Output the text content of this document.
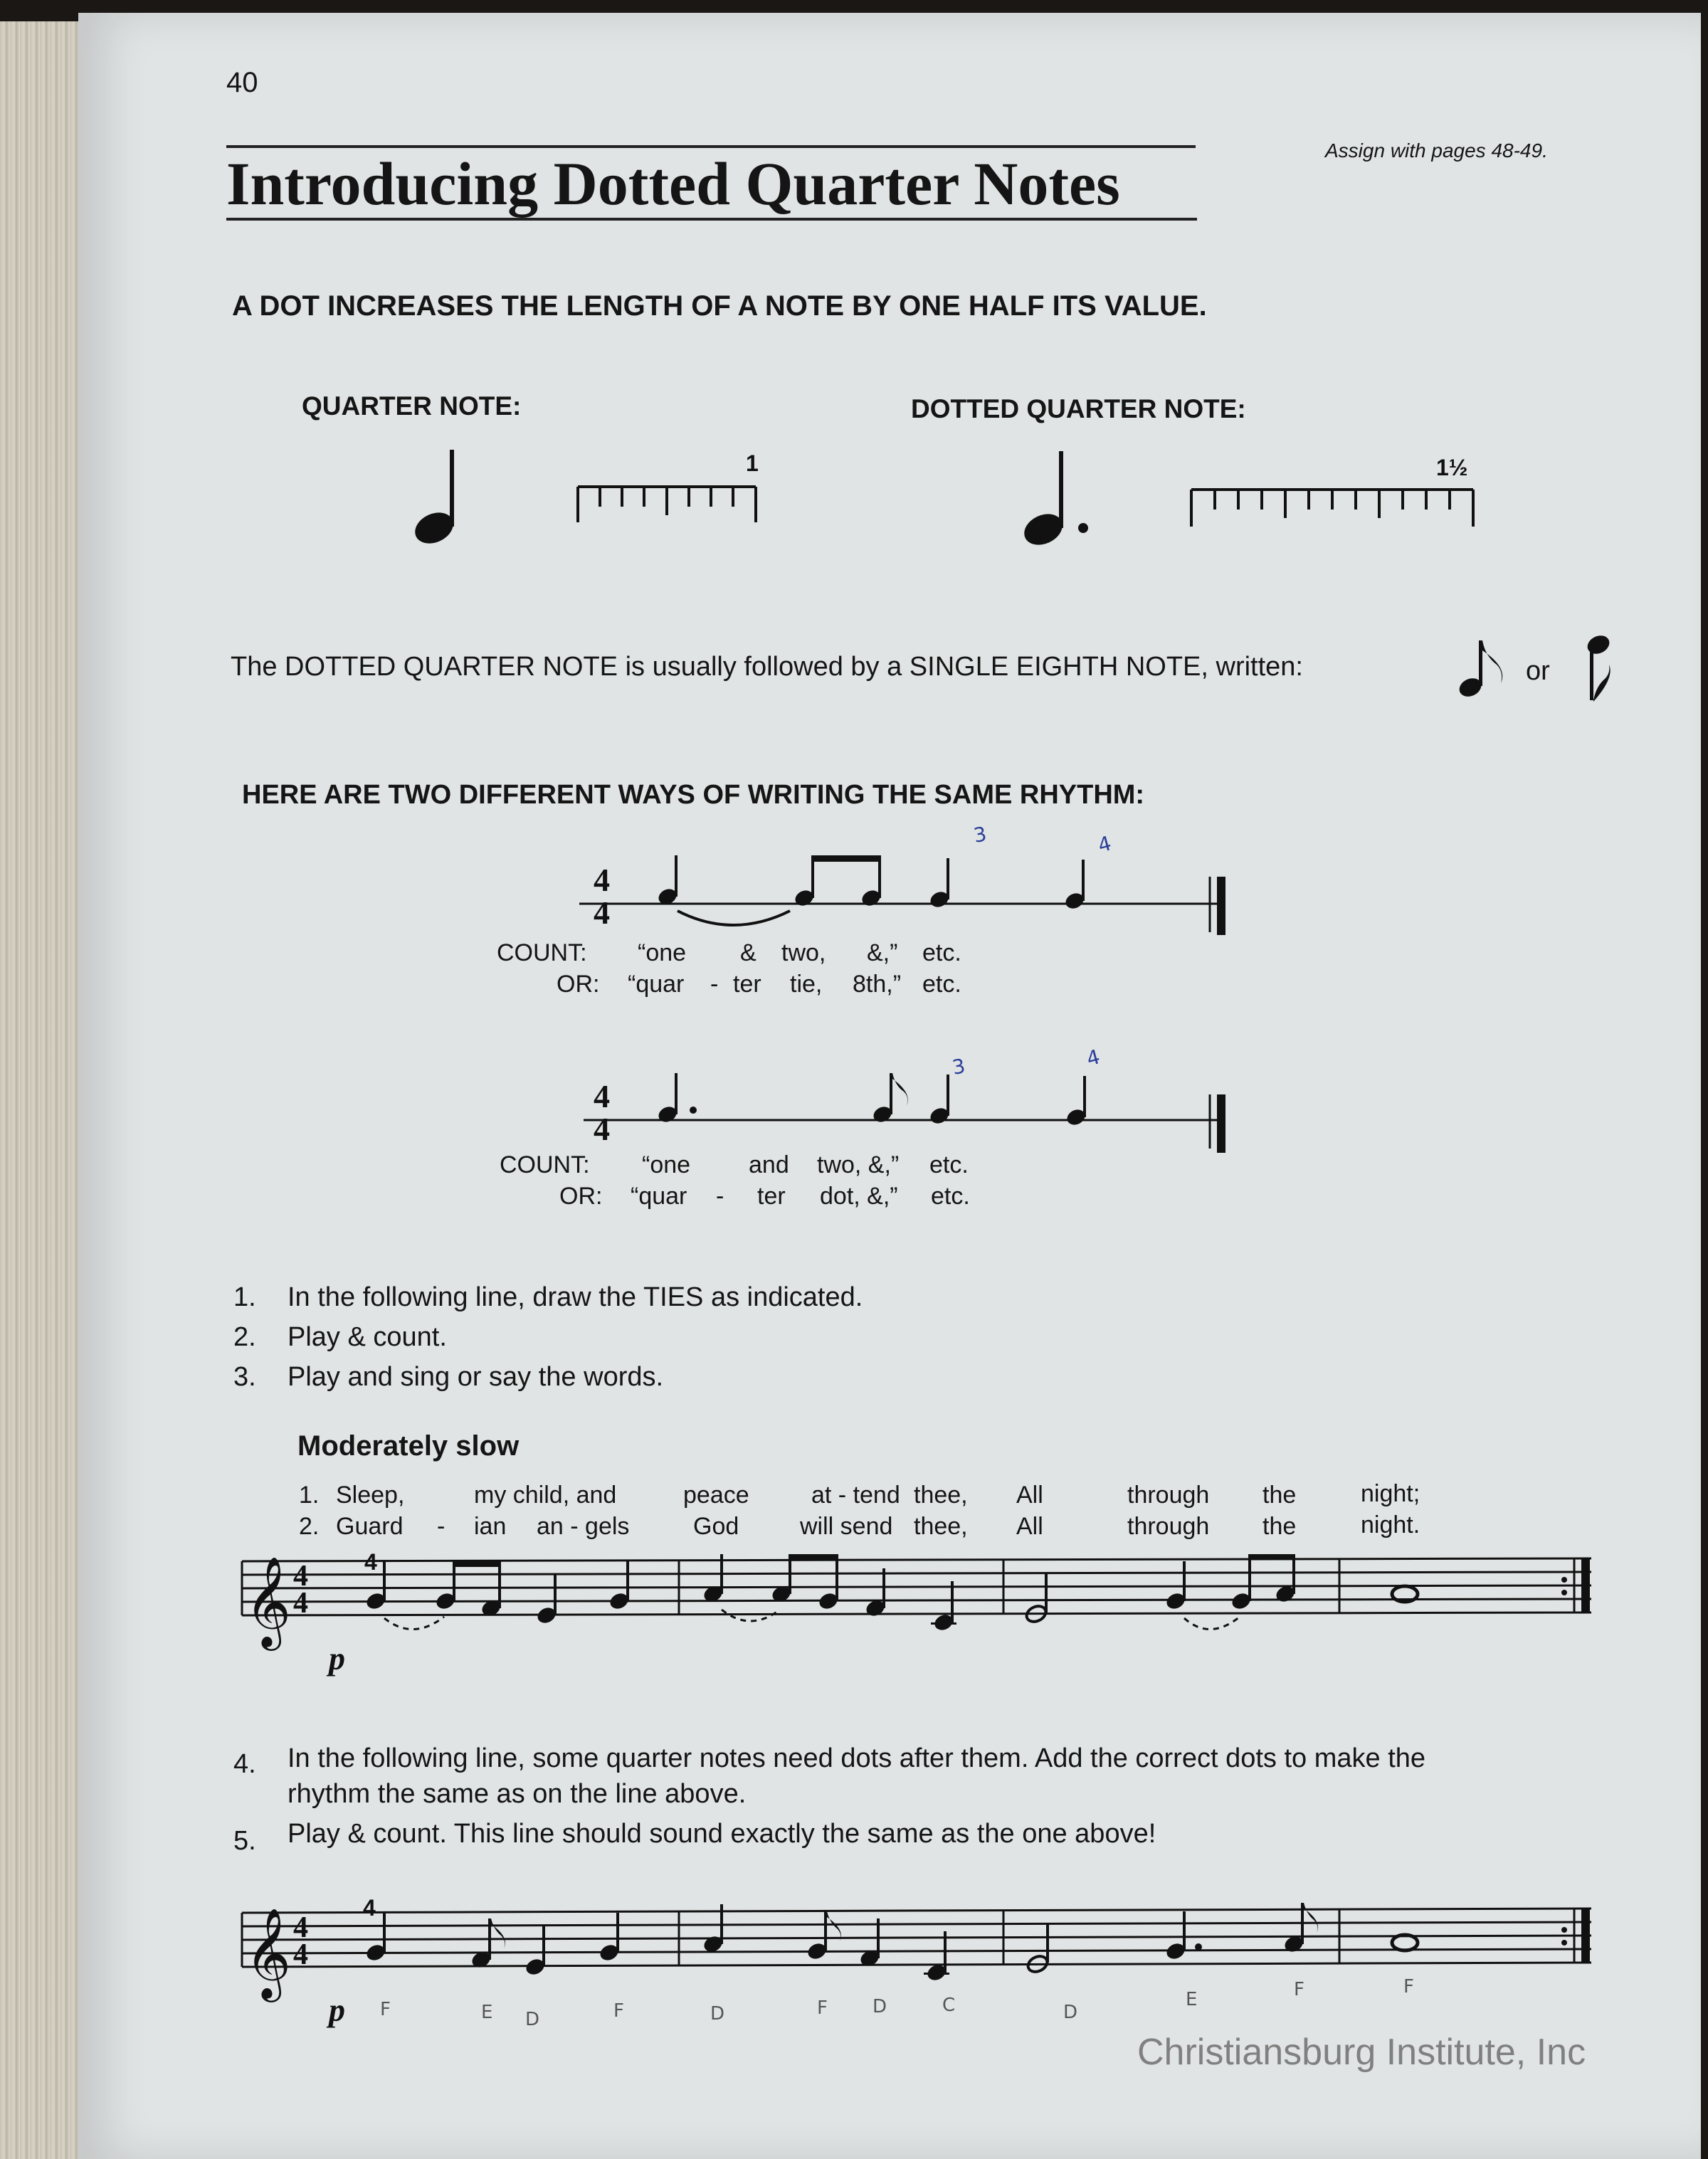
40
Assign with pages 48-49.
Introducing Dotted Quarter Notes
A DOT INCREASES THE LENGTH OF A NOTE BY ONE HALF ITS VALUE.
QUARTER NOTE:	DOTTED QUARTER NOTE:
1	1½
4
4
3	4
4
4
3	4
𝄞 4
4
4
p
𝄞 4
4
4
p F	E D	F	D	F D	C	D
E	F	F
The DOTTED QUARTER NOTE is usually followed by a SINGLE EIGHTH NOTE, written:	or
HERE ARE TWO DIFFERENT WAYS OF WRITING THE SAME RHYTHM:
COUNT: “one & two, &,” etc.
OR: “quar - ter tie, 8th,” etc.
COUNT: “one and two, &,” etc.
OR: “quar - ter dot, &,” etc.
1. In the following line, draw the TIES as indicated.
2. Play & count.
3. Play and sing or say the words.
Moderately slow
1. Sleep,	my child, and	peace	at - tend thee, All	through the	night;
2. Guard - ian an - gels	God	will send thee, All	through the	night.
4. In the following line, some quarter notes need dots after them. Add the correct dots to make the
rhythm the same as on the line above.
5. Play & count. This line should sound exactly the same as the one above!
Christiansburg Institute, Inc
